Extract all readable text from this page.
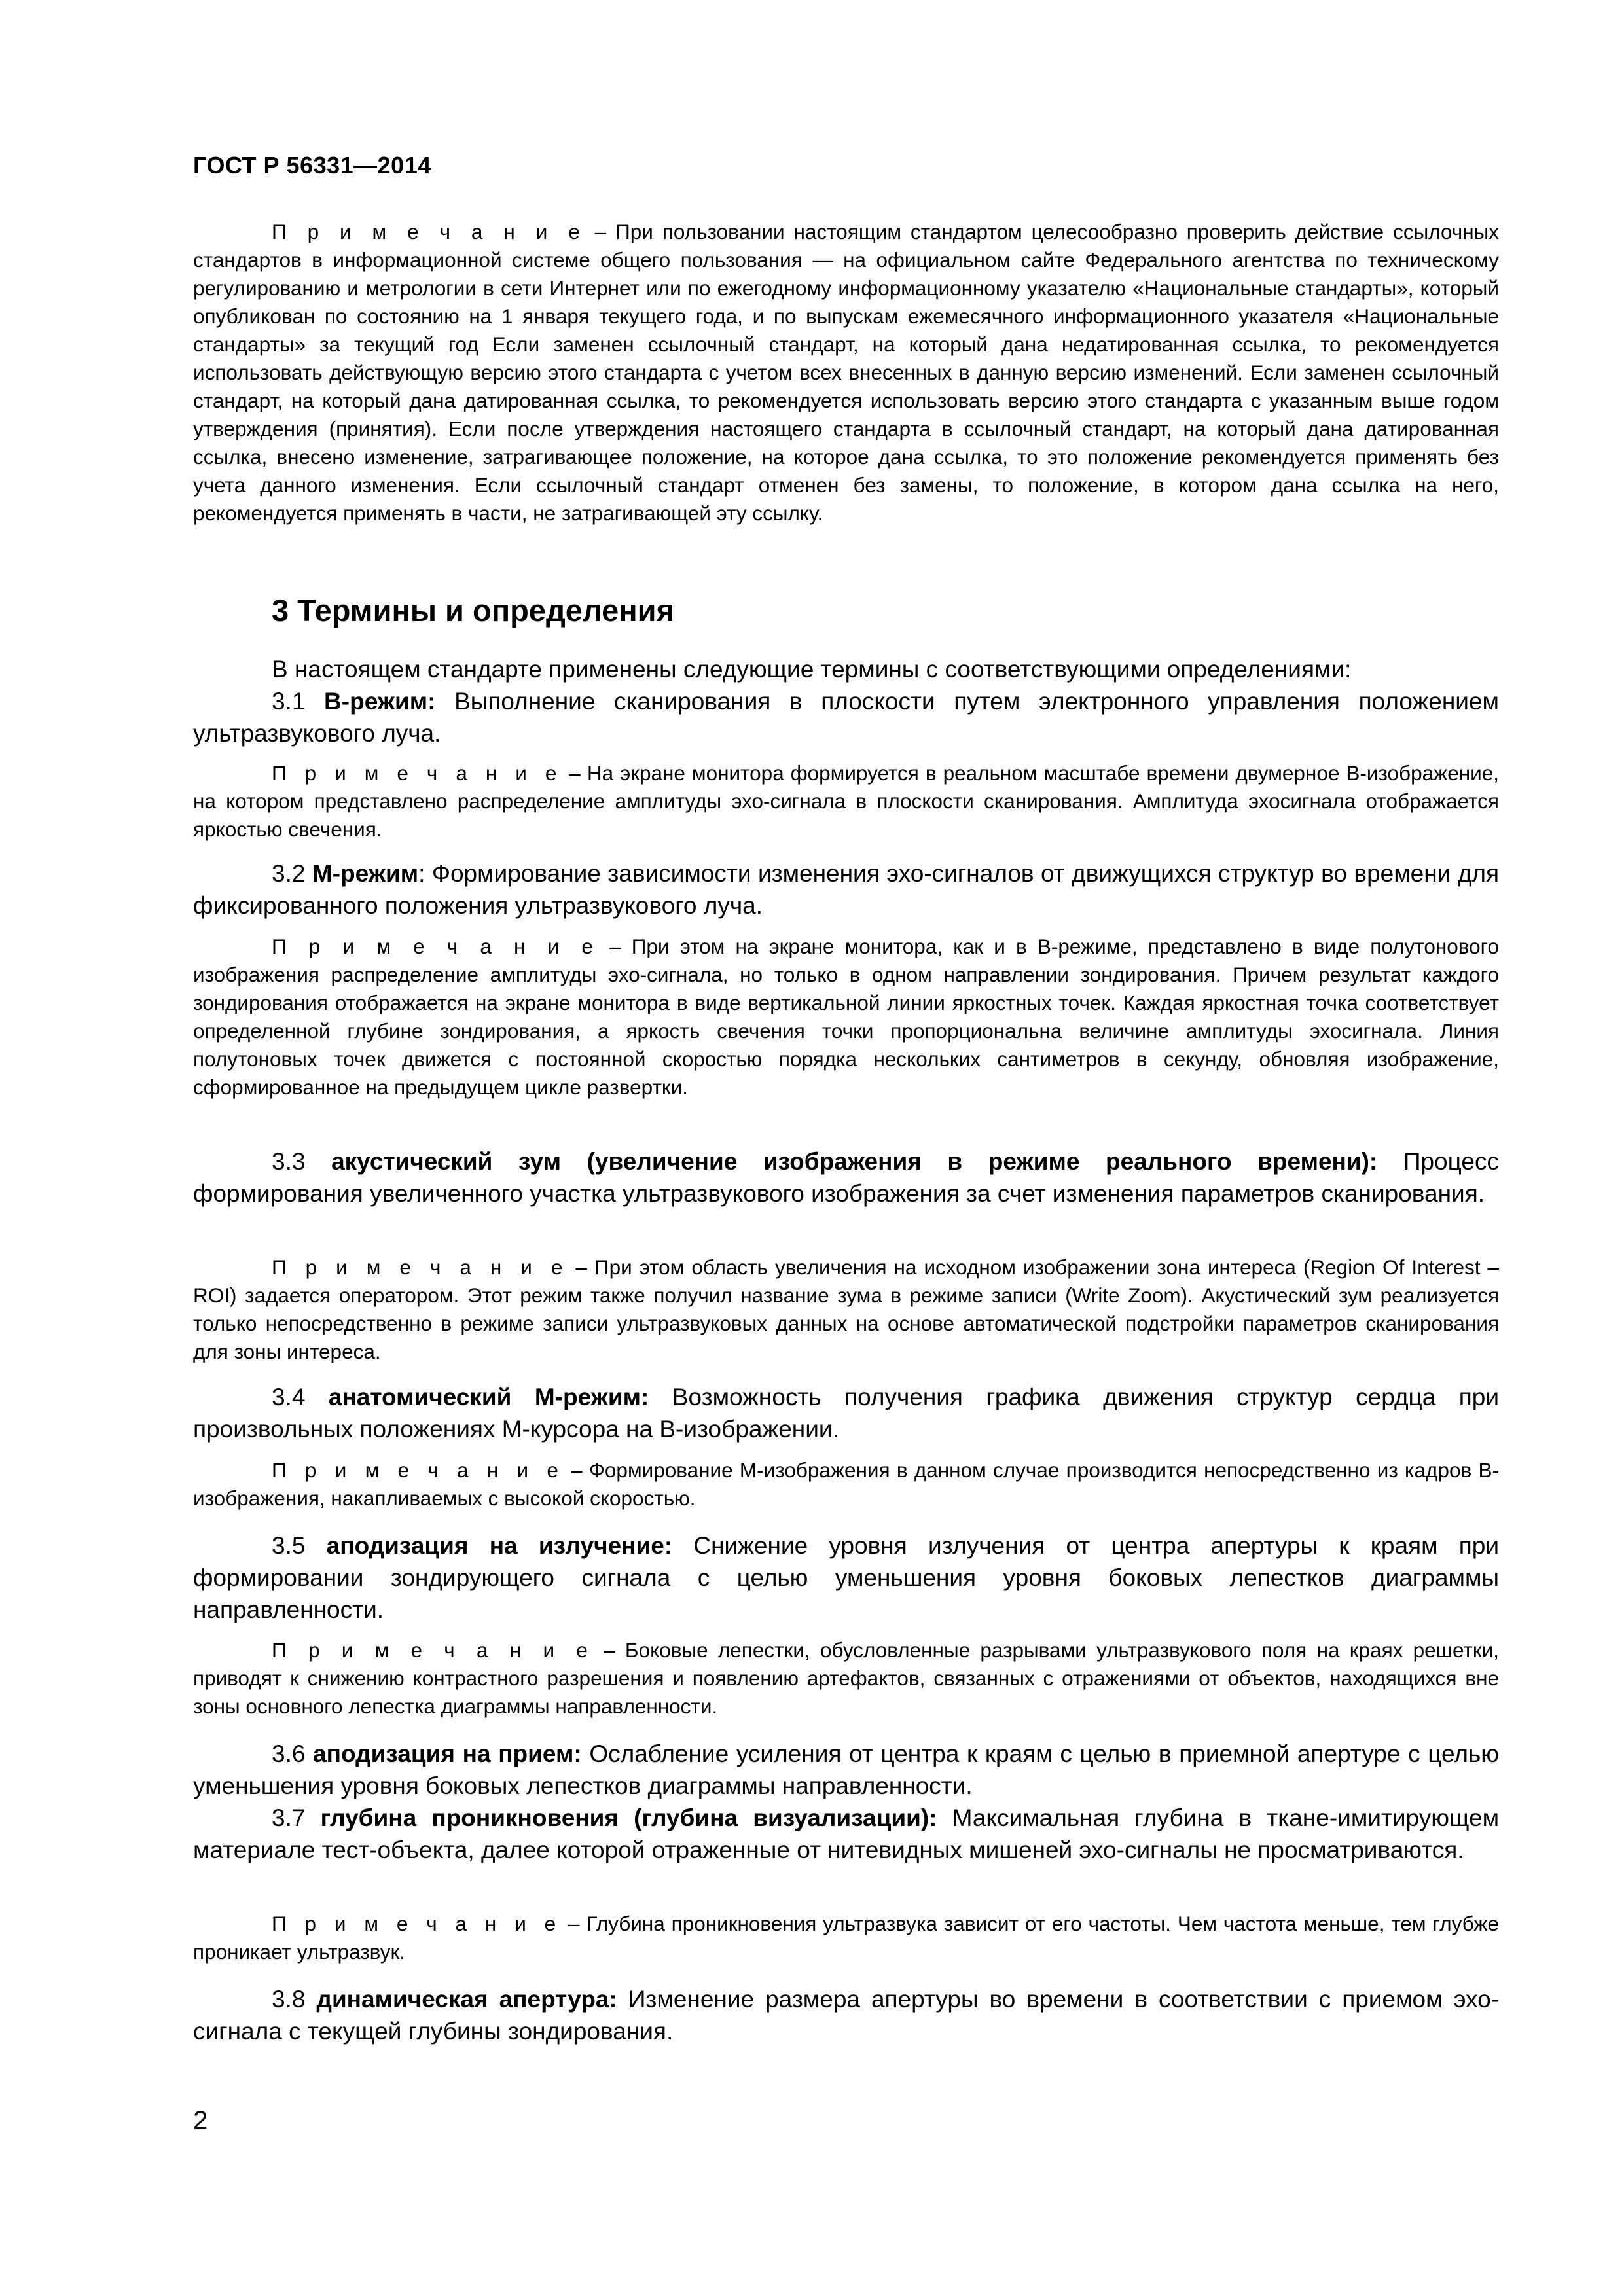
ГОСТ Р 56331—2014
П р и м е ч а н и е – При пользовании настоящим стандартом целесообразно проверить действие ссылочных стандартов в информационной системе общего пользования — на официальном сайте Федерального агентства по техническому регулированию и метрологии в сети Интернет или по ежегодному информационному указателю «Национальные стандарты», который опубликован по состоянию на 1 января текущего года, и по выпускам ежемесячного информационного указателя «Национальные стандарты» за текущий год Если заменен ссылочный стандарт, на который дана недатированная ссылка, то рекомендуется использовать действующую версию этого стандарта с учетом всех внесенных в данную версию изменений. Если заменен ссылочный стандарт, на который дана датированная ссылка, то рекомендуется использовать версию этого стандарта с указанным выше годом утверждения (принятия). Если после утверждения настоящего стандарта в ссылочный стандарт, на который дана датированная ссылка, внесено изменение, затрагивающее положение, на которое дана ссылка, то это положение рекомендуется применять без учета данного изменения. Если ссылочный стандарт отменен без замены, то положение, в котором дана ссылка на него, рекомендуется применять в части, не затрагивающей эту ссылку.
3 Термины и определения
В настоящем стандарте применены следующие термины с соответствующими определениями:
3.1 В-режим: Выполнение сканирования в плоскости путем электронного управления положением ультразвукового луча.
П р и м е ч а н и е – На экране монитора формируется в реальном масштабе времени двумерное В-изображение, на котором представлено распределение амплитуды эхо-сигнала в плоскости сканирования. Амплитуда эхосигнала отображается яркостью свечения.
3.2 М-режим: Формирование зависимости изменения эхо-сигналов от движущихся структур во времени для фиксированного положения ультразвукового луча.
П р и м е ч а н и е – При этом на экране монитора, как и в В-режиме, представлено в виде полутонового изображения распределение амплитуды эхо-сигнала, но только в одном направлении зондирования. Причем результат каждого зондирования отображается на экране монитора в виде вертикальной линии яркостных точек. Каждая яркостная точка соответствует определенной глубине зондирования, а яркость свечения точки пропорциональна величине амплитуды эхосигнала. Линия полутоновых точек движется с постоянной скоростью порядка нескольких сантиметров в секунду, обновляя изображение, сформированное на предыдущем цикле развертки.
3.3 акустический зум (увеличение изображения в режиме реального времени): Процесс формирования увеличенного участка ультразвукового изображения за счет изменения параметров сканирования.
П р и м е ч а н и е – При этом область увеличения на исходном изображении зона интереса (Region Of Interest – ROI) задается оператором. Этот режим также получил название зума в режиме записи (Write Zoom). Акустический зум реализуется только непосредственно в режиме записи ультразвуковых данных на основе автоматической подстройки параметров сканирования для зоны интереса.
3.4 анатомический М-режим: Возможность получения графика движения структур сердца при произвольных положениях М-курсора на В-изображении.
П р и м е ч а н и е – Формирование М-изображения в данном случае производится непосредственно из кадров В-изображения, накапливаемых с высокой скоростью.
3.5 аподизация на излучение: Снижение уровня излучения от центра апертуры к краям при формировании зондирующего сигнала с целью уменьшения уровня боковых лепестков диаграммы направленности.
П р и м е ч а н и е – Боковые лепестки, обусловленные разрывами ультразвукового поля на краях решетки, приводят к снижению контрастного разрешения и появлению артефактов, связанных с отражениями от объектов, находящихся вне зоны основного лепестка диаграммы направленности.
3.6 аподизация на прием: Ослабление усиления от центра к краям с целью в приемной апертуре с целью уменьшения уровня боковых лепестков диаграммы направленности.
3.7 глубина проникновения (глубина визуализации): Максимальная глубина в ткане-имитирующем материале тест-объекта, далее которой отраженные от нитевидных мишеней эхо-сигналы не просматриваются.
П р и м е ч а н и е – Глубина проникновения ультразвука зависит от его частоты. Чем частота меньше, тем глубже проникает ультразвук.
3.8 динамическая апертура: Изменение размера апертуры во времени в соответствии с приемом эхо-сигнала с текущей глубины зондирования.
2
